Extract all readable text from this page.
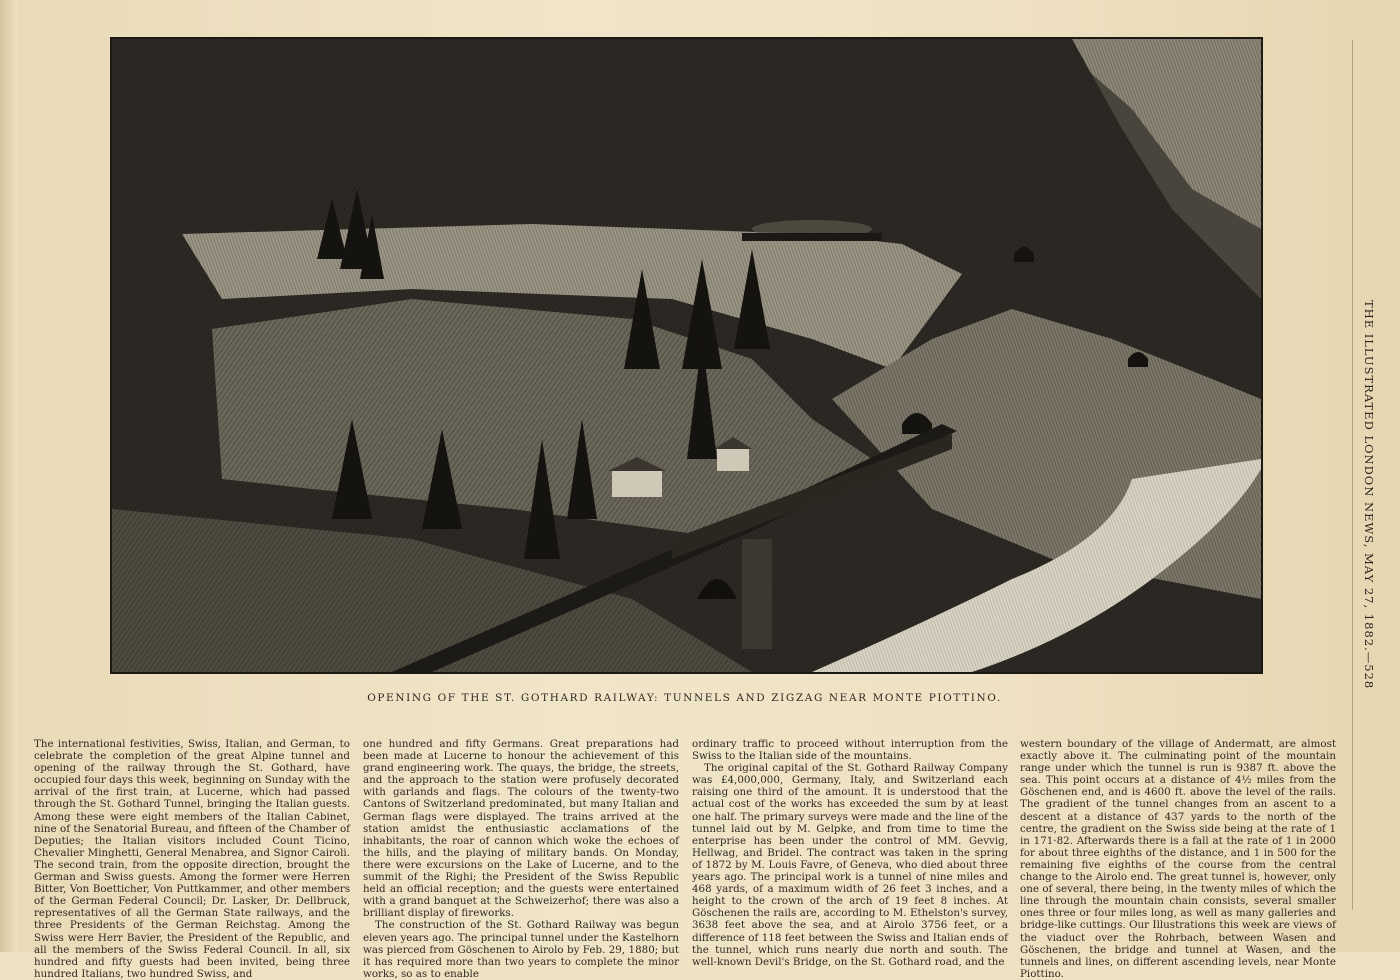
OPENING OF THE ST. GOTHARD RAILWAY: TUNNELS AND ZIGZAG NEAR MONTE PIOTTINO.

The international festivities, Swiss, Italian, and German, to celebrate the completion of the great Alpine tunnel and opening of the railway through the St. Gothard, have occupied four days this week, beginning on Sunday with the arrival of the first train, at Lucerne, which had passed through the St. Gothard Tunnel, bringing the Italian guests. Among these were eight members of the Italian Cabinet, nine of the Senatorial Bureau, and fifteen of the Chamber of Deputies; the Italian visitors included Count Ticino, Chevalier Minghetti, General Menabrea, and Signor Cairoli. The second train, from the opposite direction, brought the German and Swiss guests. Among the former were Herren Bitter, Von Boetticher, Von Puttkammer, and other members of the German Federal Council; Dr. Lasker, Dr. Dellbruck, representatives of all the German State railways, and the three Presidents of the German Reichstag. Among the Swiss were Herr Bavier, the President of the Republic, and all the members of the Swiss Federal Council. In all, six hundred and fifty guests had been invited, being three hundred Italians, two hundred Swiss, and

one hundred and fifty Germans. Great preparations had been made at Lucerne to honour the achievement of this grand engineering work. The quays, the bridge, the streets, and the approach to the station were profusely decorated with garlands and flags. The colours of the twenty-two Cantons of Switzerland predominated, but many Italian and German flags were displayed. The trains arrived at the station amidst the enthusiastic acclamations of the inhabitants, the roar of cannon which woke the echoes of the hills, and the playing of military bands. On Monday, there were excursions on the Lake of Lucerne, and to the summit of the Righi; the President of the Swiss Republic held an official reception; and the guests were entertained with a grand banquet at the Schweizerhof; there was also a brilliant display of fireworks.

The construction of the St. Gothard Railway was begun eleven years ago. The principal tunnel under the Kastelhorn was pierced from Göschenen to Airolo by Feb. 29, 1880; but it has required more than two years to complete the minor works, so as to enable

ordinary traffic to proceed without interruption from the Swiss to the Italian side of the mountains.

The original capital of the St. Gothard Railway Company was £4,000,000, Germany, Italy, and Switzerland each raising one third of the amount. It is understood that the actual cost of the works has exceeded the sum by at least one half. The primary surveys were made and the line of the tunnel laid out by M. Gelpke, and from time to time the enterprise has been under the control of MM. Gevvig, Hellwag, and Bridel. The contract was taken in the spring of 1872 by M. Louis Favre, of Geneva, who died about three years ago. The principal work is a tunnel of nine miles and 468 yards, of a maximum width of 26 feet 3 inches, and a height to the crown of the arch of 19 feet 8 inches. At Göschenen the rails are, according to M. Ethelston's survey, 3638 feet above the sea, and at Airolo 3756 feet, or a difference of 118 feet between the Swiss and Italian ends of the tunnel, which runs nearly due north and south. The well-known Devil's Bridge, on the St. Gothard road, and the

western boundary of the village of Andermatt, are almost exactly above it. The culminating point of the mountain range under which the tunnel is run is 9387 ft. above the sea. This point occurs at a distance of 4½ miles from the Göschenen end, and is 4600 ft. above the level of the rails. The gradient of the tunnel changes from an ascent to a descent at a distance of 437 yards to the north of the centre, the gradient on the Swiss side being at the rate of 1 in 171·82. Afterwards there is a fall at the rate of 1 in 2000 for about three eighths of the distance, and 1 in 500 for the remaining five eighths of the course from the central change to the Airolo end. The great tunnel is, however, only one of several, there being, in the twenty miles of which the line through the mountain chain consists, several smaller ones three or four miles long, as well as many galleries and bridge-like cuttings. Our Illustrations this week are views of the viaduct over the Rohrbach, between Wasen and Göschenen, the bridge and tunnel at Wasen, and the tunnels and lines, on different ascending levels, near Monte Piottino.

THE ILLUSTRATED LONDON NEWS, MAY 27, 1882.—528
